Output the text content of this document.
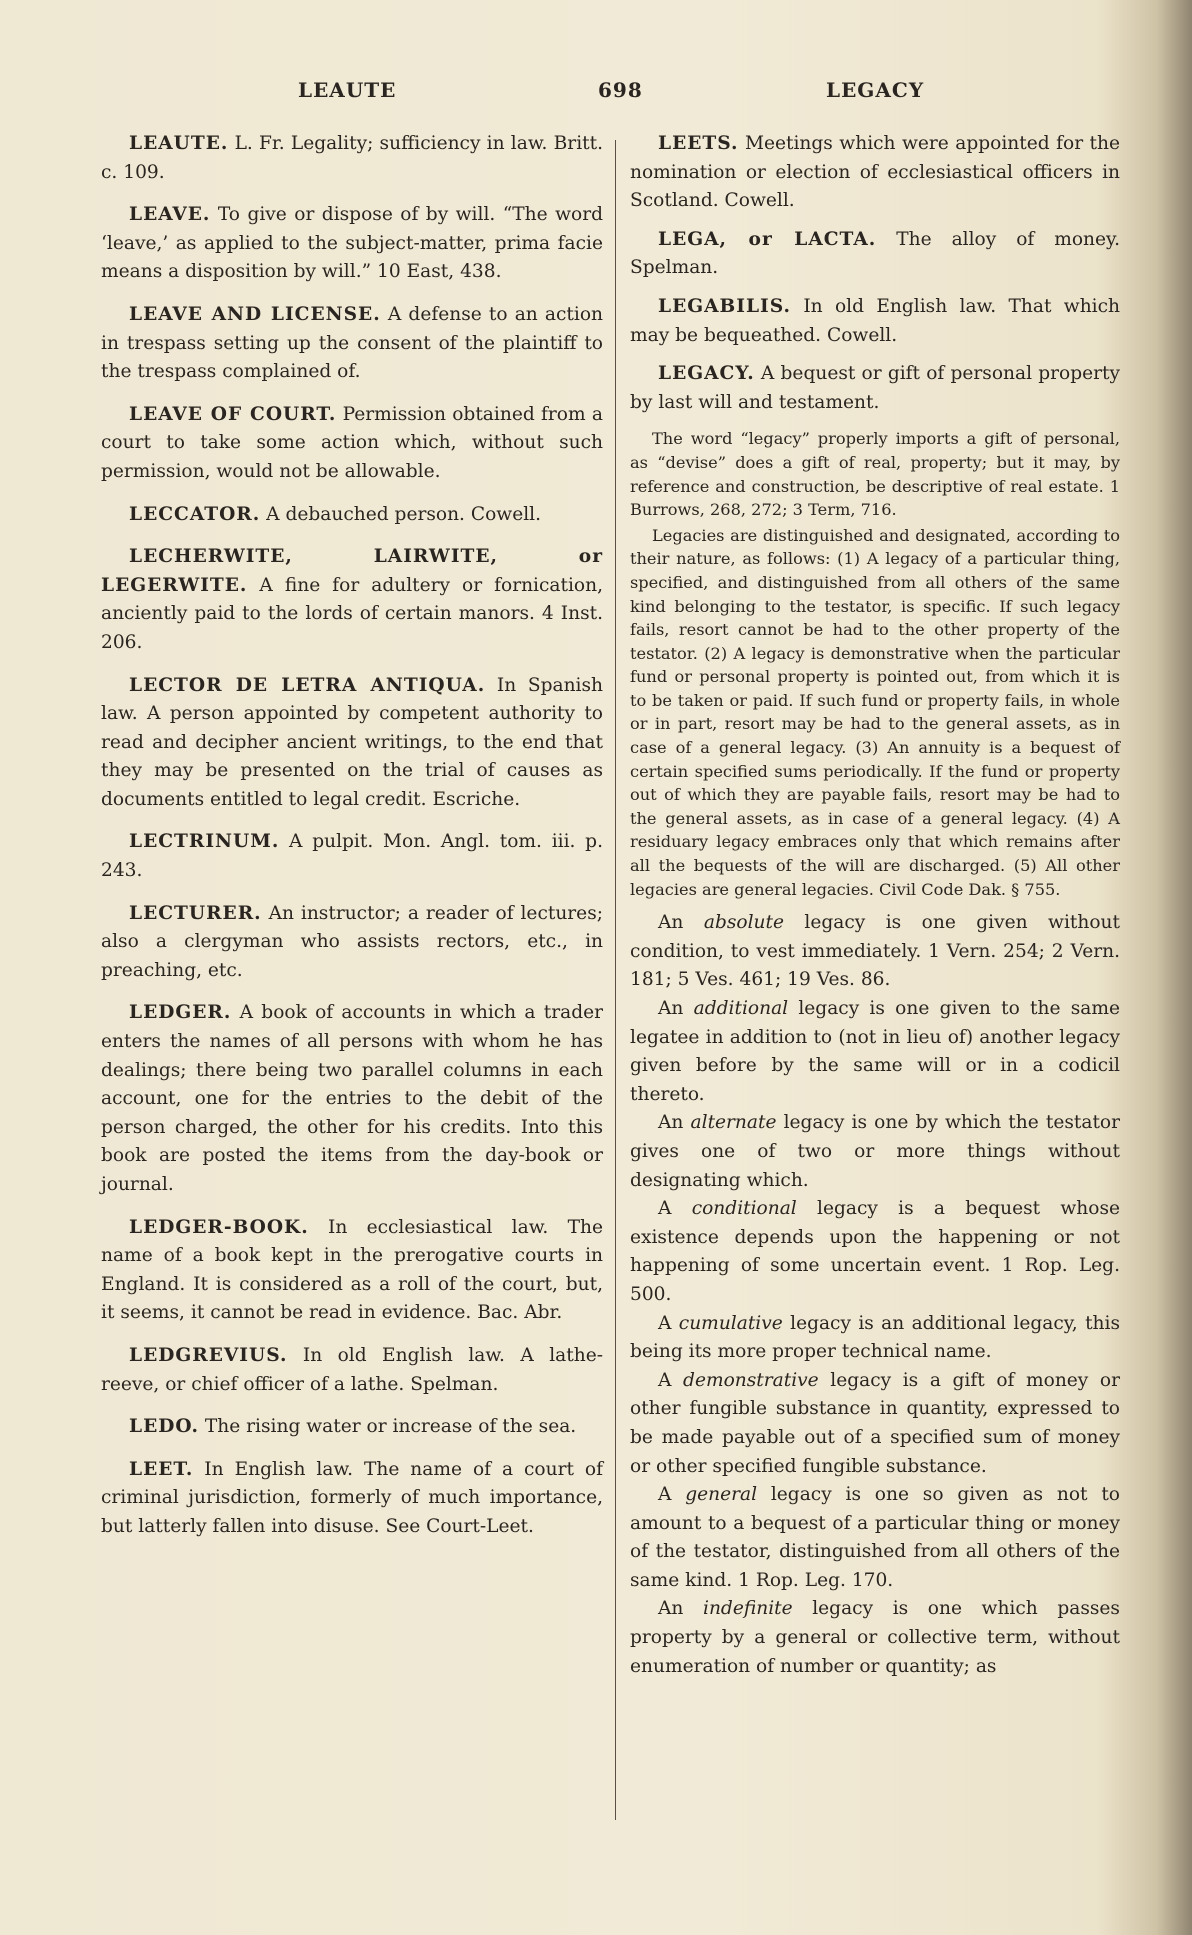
LEAUTE	698	LEGACY

LEAUTE. L. Fr. Legality; sufficiency in law. Britt. c. 109.

LEAVE. To give or dispose of by will. “The word ‘leave,’ as applied to the subject-matter, prima facie means a disposition by will.” 10 East, 438.

LEAVE AND LICENSE. A defense to an action in trespass setting up the consent of the plaintiff to the trespass complained of.

LEAVE OF COURT. Permission obtained from a court to take some action which, without such permission, would not be allowable.

LECCATOR. A debauched person. Cowell.

LECHERWITE, LAIRWITE, or LEGERWITE. A fine for adultery or fornication, anciently paid to the lords of certain manors. 4 Inst. 206.

LECTOR DE LETRA ANTIQUA. In Spanish law. A person appointed by competent authority to read and decipher ancient writings, to the end that they may be presented on the trial of causes as documents entitled to legal credit. Escriche.

LECTRINUM. A pulpit. Mon. Angl. tom. iii. p. 243.

LECTURER. An instructor; a reader of lectures; also a clergyman who assists rectors, etc., in preaching, etc.

LEDGER. A book of accounts in which a trader enters the names of all persons with whom he has dealings; there being two parallel columns in each account, one for the entries to the debit of the person charged, the other for his credits. Into this book are posted the items from the day-book or journal.

LEDGER-BOOK. In ecclesiastical law. The name of a book kept in the prerogative courts in England. It is considered as a roll of the court, but, it seems, it cannot be read in evidence. Bac. Abr.

LEDGREVIUS. In old English law. A lathe-reeve, or chief officer of a lathe. Spelman.

LEDO. The rising water or increase of the sea.

LEET. In English law. The name of a court of criminal jurisdiction, formerly of much importance, but latterly fallen into disuse. See Court-Leet.

LEETS. Meetings which were appointed for the nomination or election of ecclesiastical officers in Scotland. Cowell.

LEGA, or LACTA. The alloy of money. Spelman.

LEGABILIS. In old English law. That which may be bequeathed. Cowell.

LEGACY. A bequest or gift of personal property by last will and testament.

The word “legacy” properly imports a gift of personal, as “devise” does a gift of real, property; but it may, by reference and construction, be descriptive of real estate. 1 Burrows, 268, 272; 3 Term, 716.

Legacies are distinguished and designated, according to their nature, as follows: (1) A legacy of a particular thing, specified, and distinguished from all others of the same kind belonging to the testator, is specific. If such legacy fails, resort cannot be had to the other property of the testator. (2) A legacy is demonstrative when the particular fund or personal property is pointed out, from which it is to be taken or paid. If such fund or property fails, in whole or in part, resort may be had to the general assets, as in case of a general legacy. (3) An annuity is a bequest of certain specified sums periodically. If the fund or property out of which they are payable fails, resort may be had to the general assets, as in case of a general legacy. (4) A residuary legacy embraces only that which remains after all the bequests of the will are discharged. (5) All other legacies are general legacies. Civil Code Dak. § 755.

An absolute legacy is one given without condition, to vest immediately. 1 Vern. 254; 2 Vern. 181; 5 Ves. 461; 19 Ves. 86.

An additional legacy is one given to the same legatee in addition to (not in lieu of) another legacy given before by the same will or in a codicil thereto.

An alternate legacy is one by which the testator gives one of two or more things without designating which.

A conditional legacy is a bequest whose existence depends upon the happening or not happening of some uncertain event. 1 Rop. Leg. 500.

A cumulative legacy is an additional legacy, this being its more proper technical name.

A demonstrative legacy is a gift of money or other fungible substance in quantity, expressed to be made payable out of a specified sum of money or other specified fungible substance.

A general legacy is one so given as not to amount to a bequest of a particular thing or money of the testator, distinguished from all others of the same kind. 1 Rop. Leg. 170.

An indefinite legacy is one which passes property by a general or collective term, without enumeration of number or quantity; as
